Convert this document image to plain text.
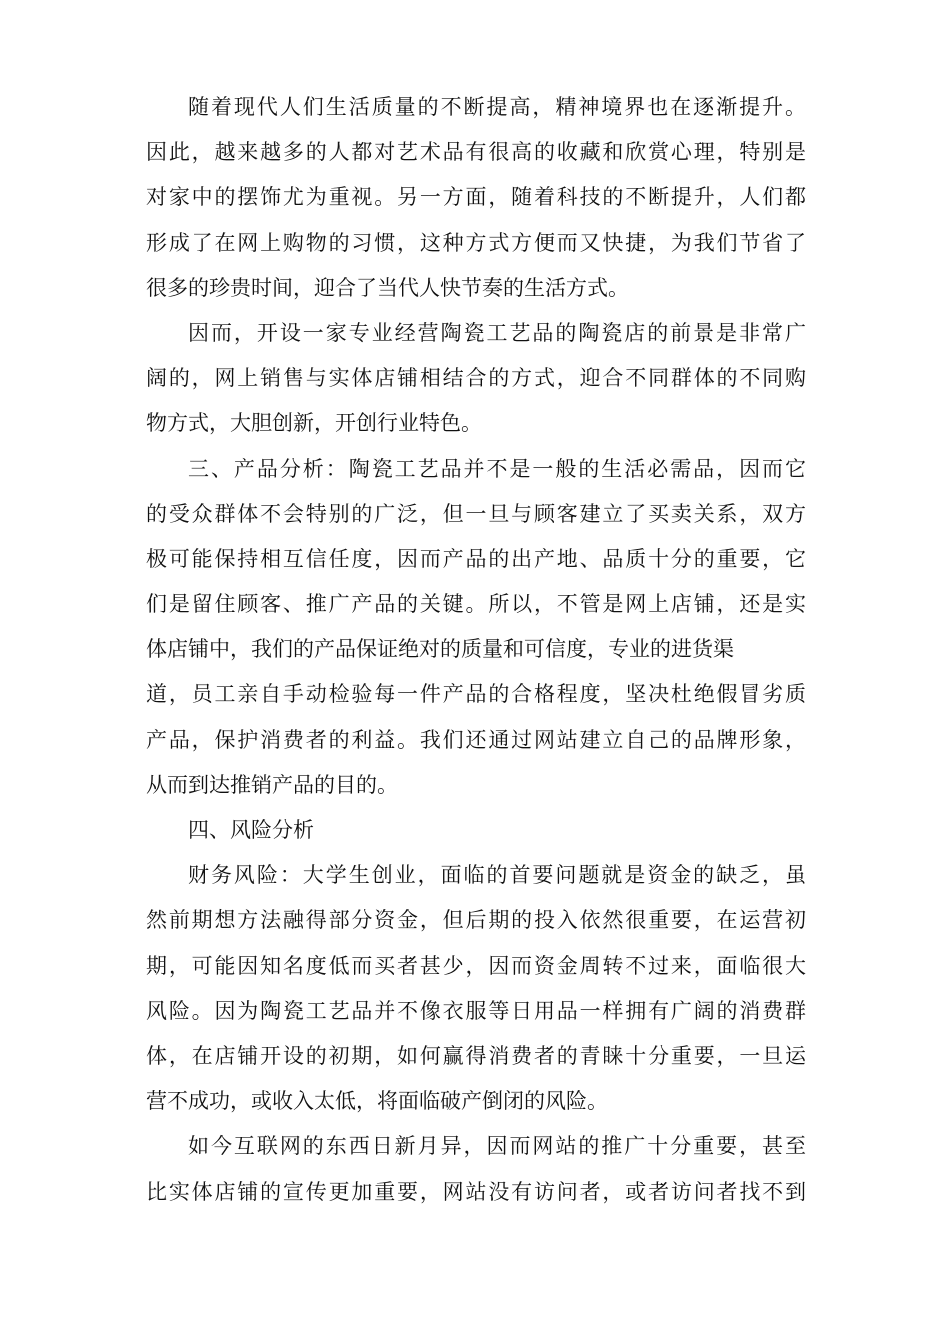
随着现代人们生活质量的不断提高，精神境界也在逐渐提升。
因此，越来越多的人都对艺术品有很高的收藏和欣赏心理，特别是
对家中的摆饰尤为重视。另一方面，随着科技的不断提升，人们都
形成了在网上购物的习惯，这种方式方便而又快捷，为我们节省了
很多的珍贵时间，迎合了当代人快节奏的生活方式。
因而，开设一家专业经营陶瓷工艺品的陶瓷店的前景是非常广
阔的，网上销售与实体店铺相结合的方式，迎合不同群体的不同购
物方式，大胆创新，开创行业特色。
三、产品分析：陶瓷工艺品并不是一般的生活必需品，因而它
的受众群体不会特别的广泛，但一旦与顾客建立了买卖关系，双方
极可能保持相互信任度，因而产品的出产地、品质十分的重要，它
们是留住顾客、推广产品的关键。所以，不管是网上店铺，还是实
体店铺中，我们的产品保证绝对的质量和可信度，专业的进货渠
道，员工亲自手动检验每一件产品的合格程度，坚决杜绝假冒劣质
产品，保护消费者的利益。我们还通过网站建立自己的品牌形象，
从而到达推销产品的目的。
四、风险分析
财务风险：大学生创业，面临的首要问题就是资金的缺乏，虽
然前期想方法融得部分资金，但后期的投入依然很重要，在运营初
期，可能因知名度低而买者甚少，因而资金周转不过来，面临很大
风险。因为陶瓷工艺品并不像衣服等日用品一样拥有广阔的消费群
体，在店铺开设的初期，如何赢得消费者的青睐十分重要，一旦运
营不成功，或收入太低，将面临破产倒闭的风险。
如今互联网的东西日新月异，因而网站的推广十分重要，甚至
比实体店铺的宣传更加重要，网站没有访问者，或者访问者找不到
